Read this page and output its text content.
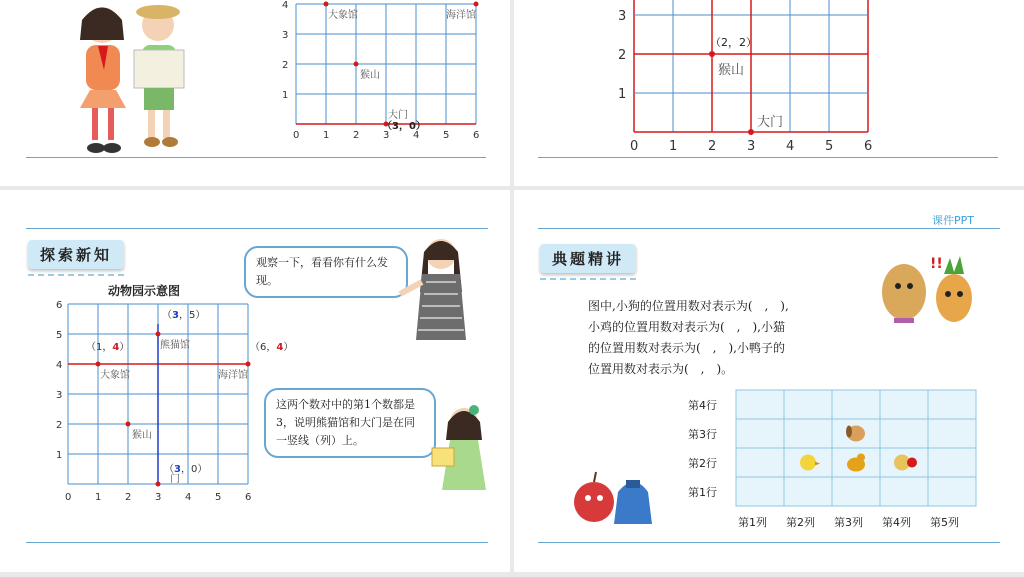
0 1 2 3 4 5 6
1
2
3
4
大象馆	海洋馆
猴山
大门
（3，0）
0 1 2 3 4 5 6
1
2
3
（2，2）
猴山
大门
探索新知
动物园示意图
0 1 2 3 4 5 6
1
2
3
4
5
6
（3，5）
熊猫馆
（1，4）
大象馆
（6，4）
海洋馆
猴山
（3，0）
门
观察一下，看看你有什么发现。
这两个数对中的第1个数都是3，说明熊猫馆和大门是在同一竖线（列）上。
课件PPT
典题精讲	!!
图中,小狗的位置用数对表示为(　,　),
小鸡的位置用数对表示为(　,　),小猫
的位置用数对表示为(　,　),小鸭子的
位置用数对表示为(　,　)。
第4行
第3行
第2行
第1行
第1列 第2列 第3列 第4列 第5列
